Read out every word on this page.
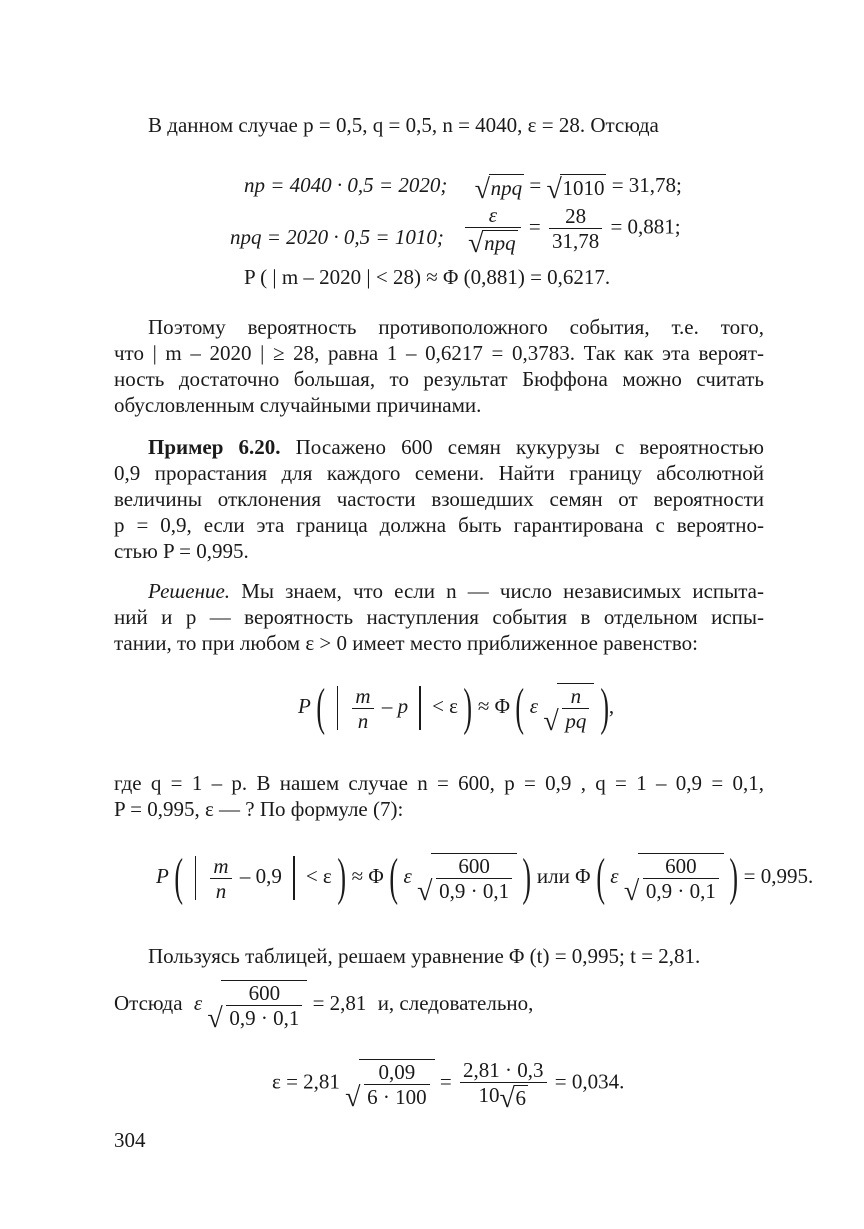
В данном случае p = 0,5, q = 0,5, n = 4040, ε = 28. Отсюда
np = 4040 · 0,5 = 2020; √ npq = √ 1010 = 31,78;
npq = 2020 · 0,5 = 1010; ε
√ npq = $\frac{28}{31,78} = 0,881$;
P ( | m – 2020 | < 28) ≈ Φ (0,881) = 0,6217.
Поэтому вероятность противоположного события, т.е. того,
что | m – 2020 | ≥ 28, равна 1 – 0,6217 = 0,3783. Так как эта вероят-
ность достаточно большая, то результат Бюффона можно считать
обусловленным случайными причинами.
Пример 6.20. Посажено 600 семян кукурузы с вероятностью
0,9 прорастания для каждого семени. Найти границу абсолютной
величины отклонения частости взошедших семян от вероятности
p = 0,9, если эта граница должна быть гарантирована с вероятно-
стью P = 0,995.
Решение. Мы знаем, что если n — число независимых испыта-
ний и p — вероятность наступления события в отдельном испы-
тании, то при любом ε > 0 имеет место приближенное равенство:
P ( $\frac{m}{n} - p < \varepsilon$ ) ≈ Φ ( ε √ $\frac{n}{pq}$ ),
где q = 1 – p. В нашем случае n = 600, p = 0,9 , q = 1 – 0,9 = 0,1,
P = 0,995, ε — ? По формуле (7):
P ( $\frac{m}{n} - 0,9 < \varepsilon$ ) ≈ Φ ( ε √ $\frac{600}{0,9 \cdot 0,1}$ ) или Φ ( ε √ $\frac{600}{0,9 \cdot 0,1}$ ) = 0,995.
Пользуясь таблицей, решаем уравнение Φ (t) = 0,995; t = 2,81.
Отсюда ε √ $\frac{600}{0,9 \cdot 0,1} = 2,81$ и, следовательно,
ε = 2,81 √ $\frac{0,09}{6 \cdot 100} = \frac{2,81 \cdot 0,3}{10 √ 6} = 0,034$.
304
